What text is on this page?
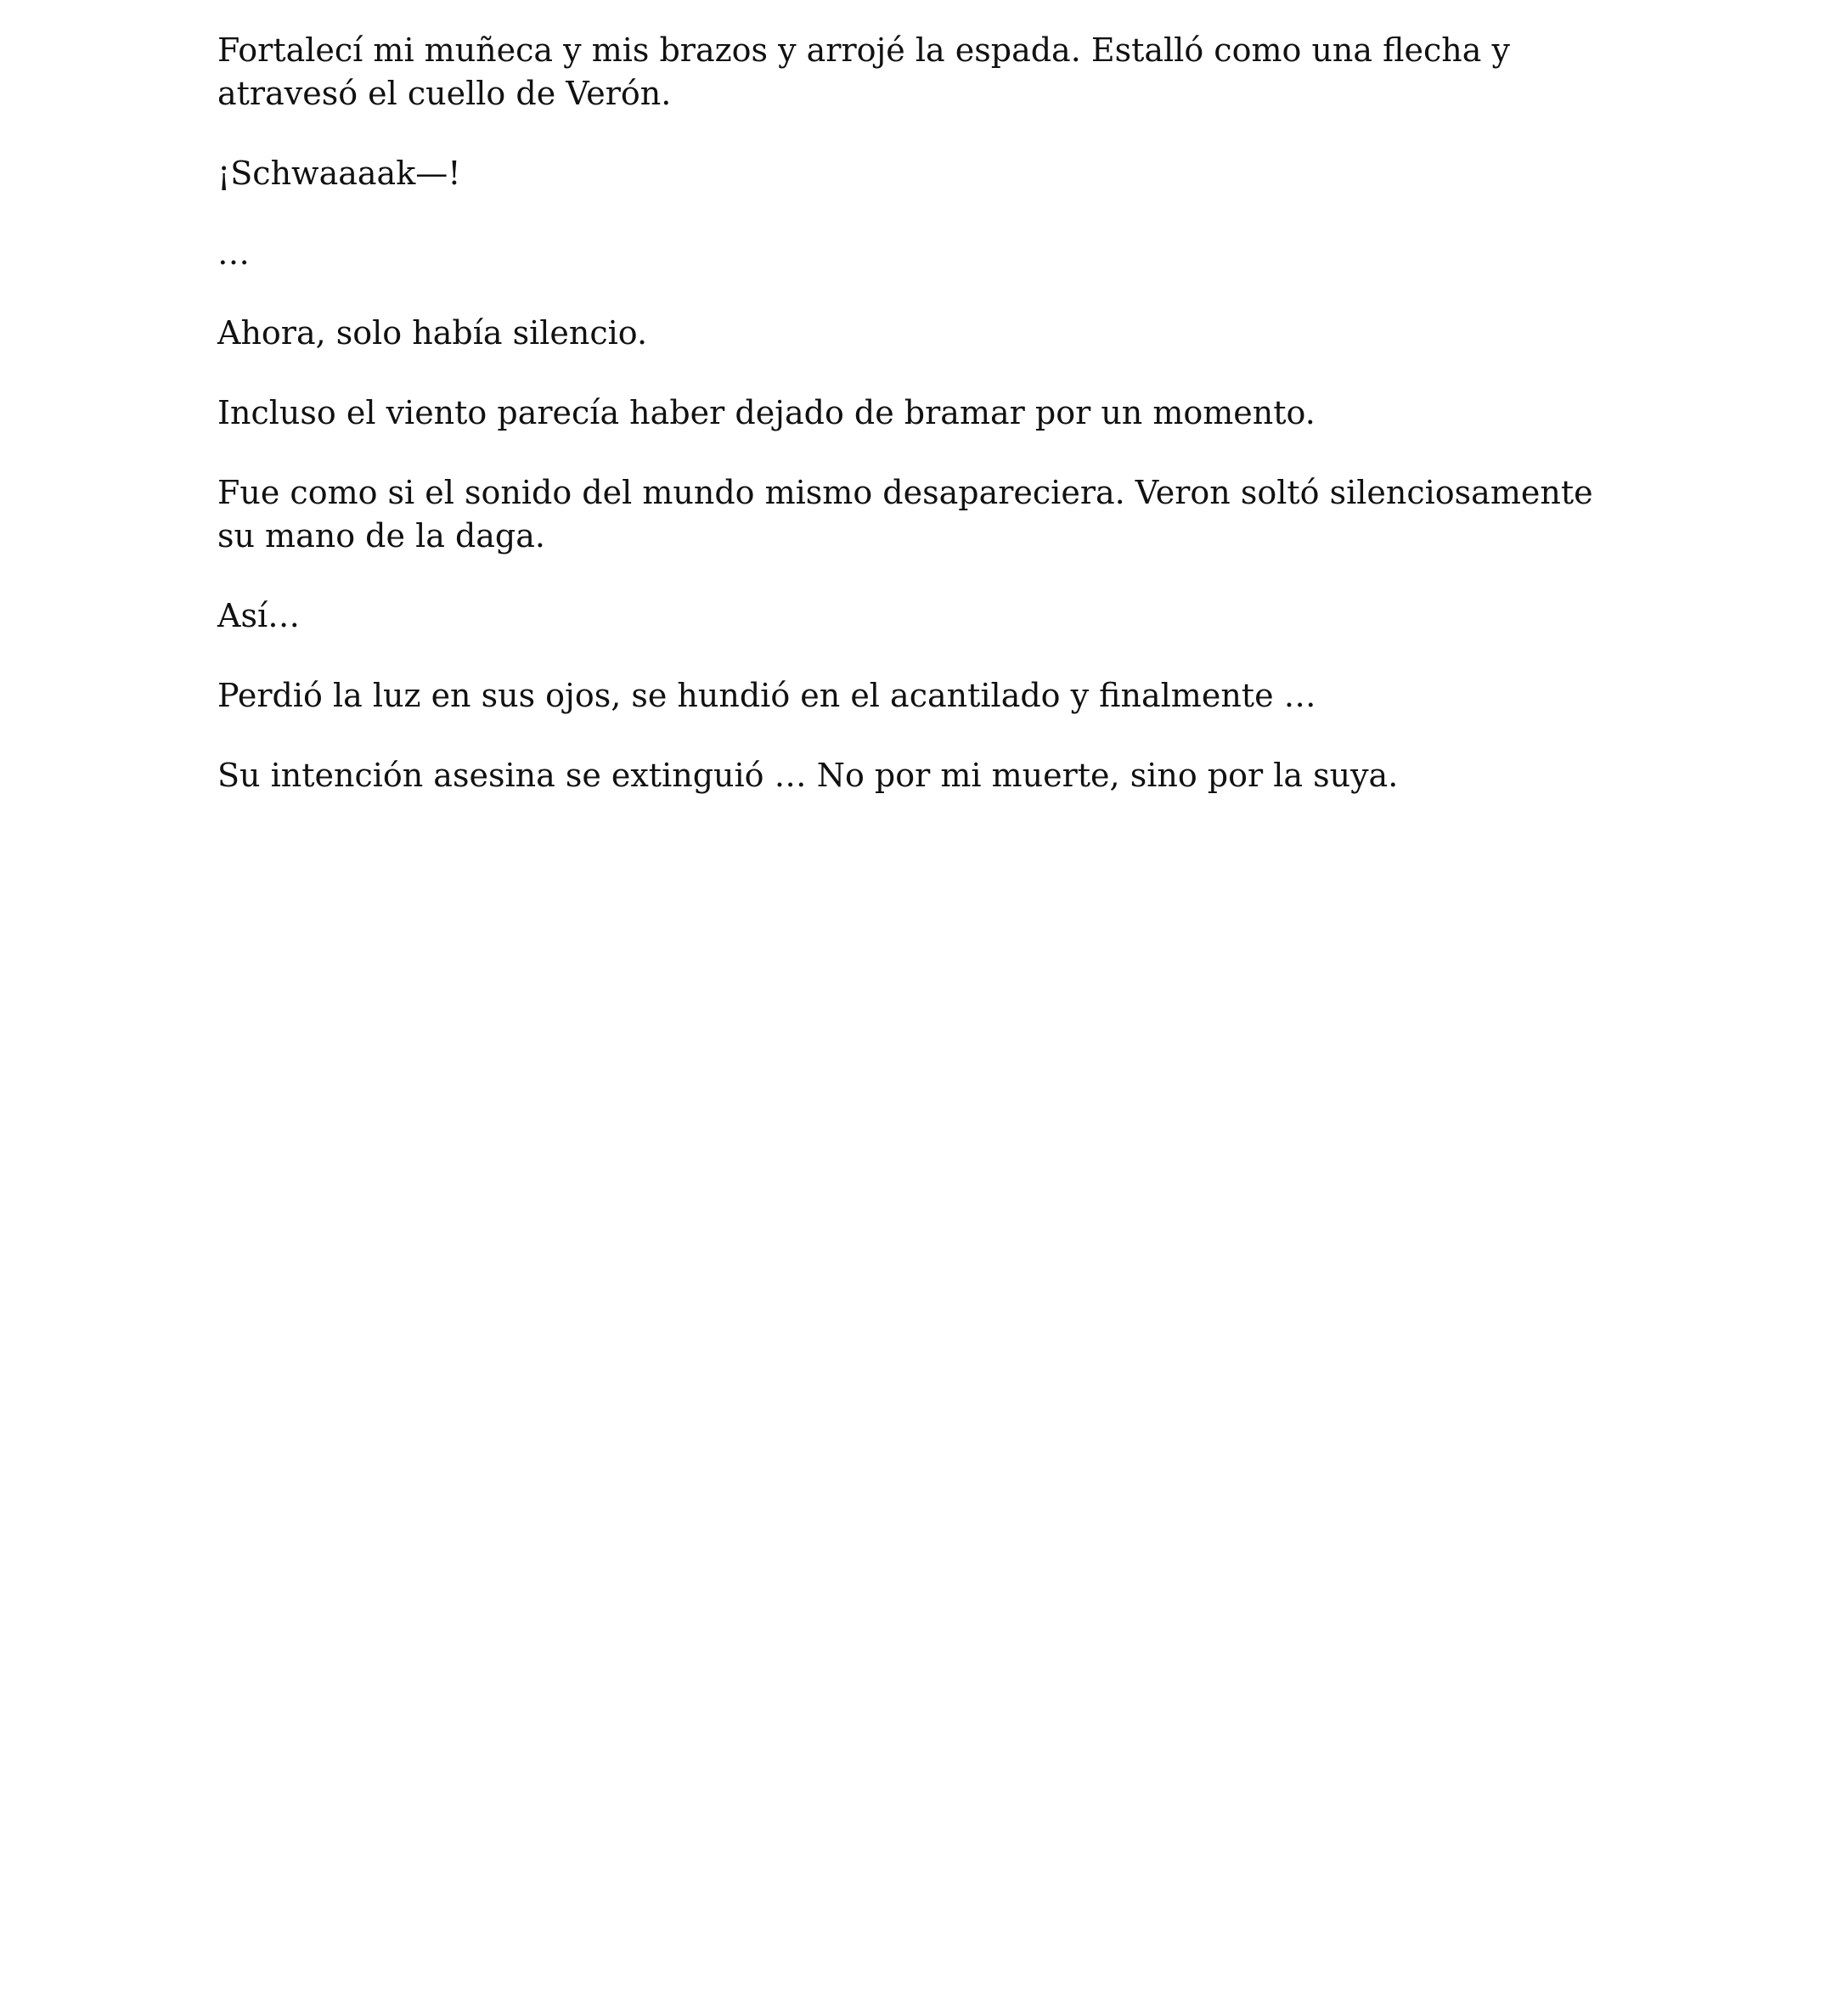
Fortalecí mi muñeca y mis brazos y arrojé la espada. Estalló como una flecha y atravesó el cuello de Verón.

¡Schwaaaak—!

…

Ahora, solo había silencio.

Incluso el viento parecía haber dejado de bramar por un momento.

Fue como si el sonido del mundo mismo desapareciera. Veron soltó silenciosamente su mano de la daga.

Así…

Perdió la luz en sus ojos, se hundió en el acantilado y finalmente …

Su intención asesina se extinguió … No por mi muerte, sino por la suya.
